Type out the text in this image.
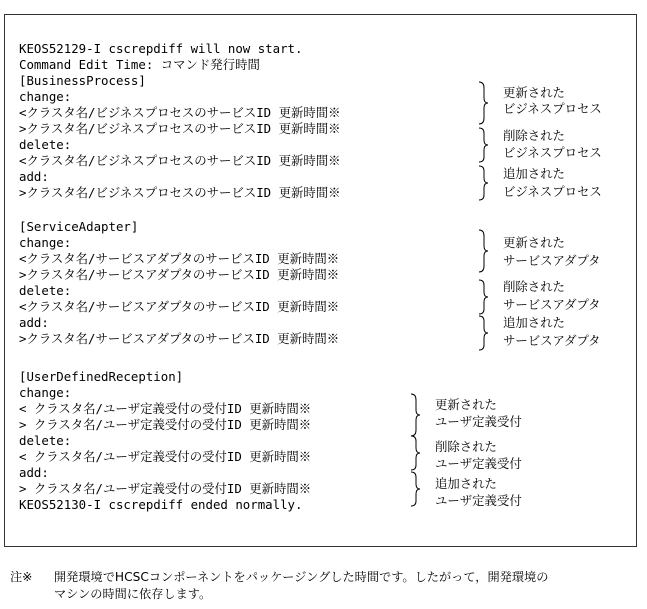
KEOS52129-I cscrepdiff will now start.
Command Edit Time: コマンド発行時間
[BusinessProcess]
change:
<クラスタ名/ビジネスプロセスのサービスID 更新時間※
>クラスタ名/ビジネスプロセスのサービスID 更新時間※
delete:
<クラスタ名/ビジネスプロセスのサービスID 更新時間※
add:
>クラスタ名/ビジネスプロセスのサービスID 更新時間※
[ServiceAdapter]
change:
<クラスタ名/サービスアダプタのサービスID 更新時間※
>クラスタ名/サービスアダプタのサービスID 更新時間※
delete:
<クラスタ名/サービスアダプタのサービスID 更新時間※
add:
>クラスタ名/サービスアダプタのサービスID 更新時間※
[UserDefinedReception]
change:
< クラスタ名/ユーザ定義受付の受付ID 更新時間※
> クラスタ名/ユーザ定義受付の受付ID 更新時間※
delete:
< クラスタ名/ユーザ定義受付の受付ID 更新時間※
add:
> クラスタ名/ユーザ定義受付の受付ID 更新時間※
KEOS52130-I cscrepdiff ended normally.
更新された
ビジネスプロセス
削除された
ビジネスプロセス
追加された
ビジネスプロセス
更新された
サービスアダプタ
削除された
サービスアダプタ
追加された
サービスアダプタ
更新された
ユーザ定義受付
削除された
ユーザ定義受付
追加された
ユーザ定義受付
注※ 開発環境でHCSCコンポーネントをパッケージングした時間です。したがって，開発環境の
マシンの時間に依存します。
